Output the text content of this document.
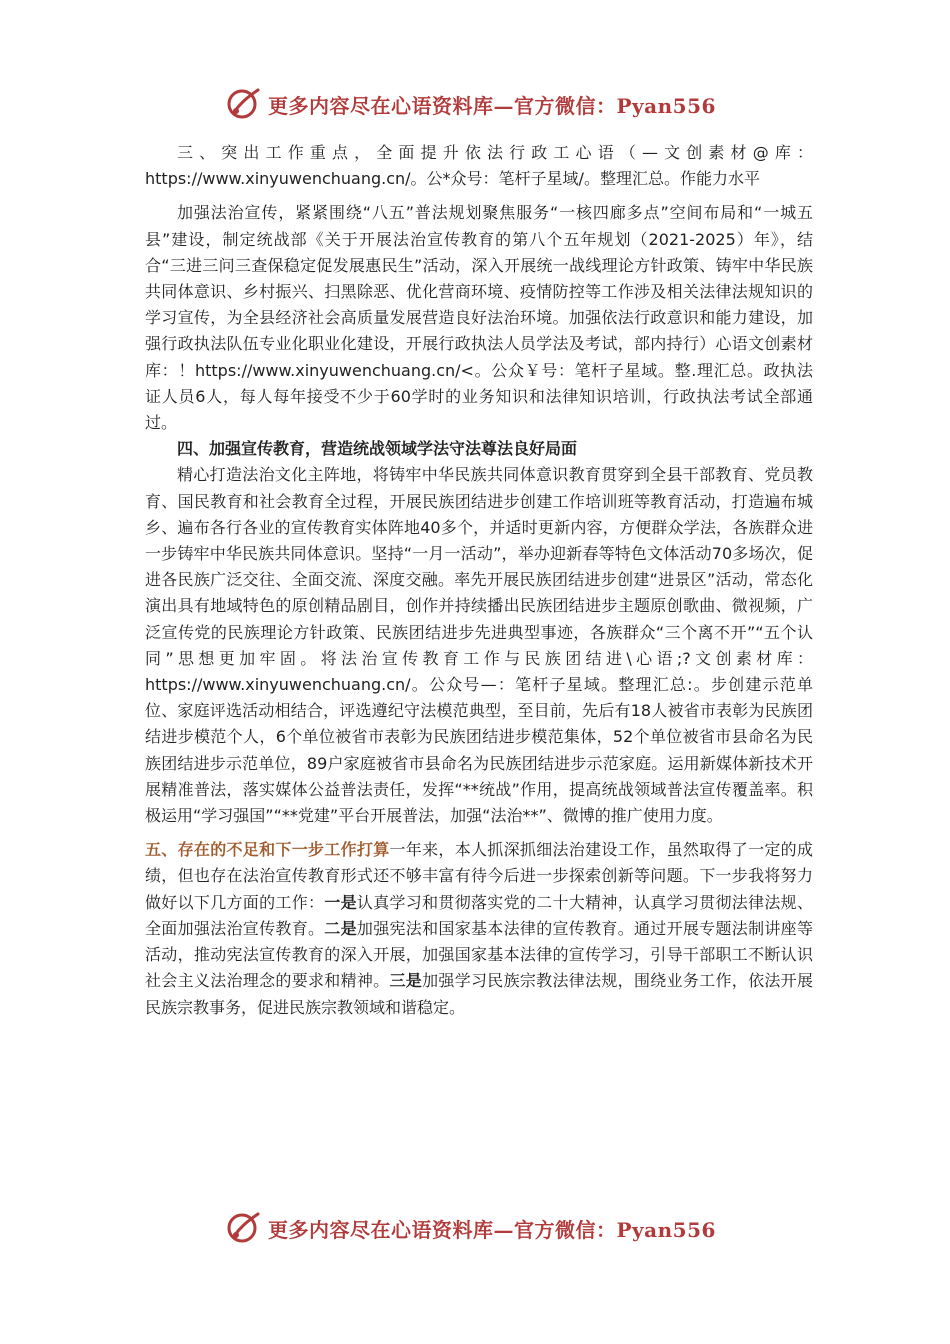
更多内容尽在心语资料库—官方微信：Pyan556

三、突出工作重点，全面提升依法行政工心语（—文创素材@库：https://www.xinyuwenchuang.cn/。公*众号：笔杆子星域/。整理汇总。作能力水平

加强法治宣传，紧紧围绕“八五”普法规划聚焦服务“一核四廊多点”空间布局和“一城五县”建设，制定统战部《关于开展法治宣传教育的第八个五年规划（2021-2025）年》，结合“三进三问三查保稳定促发展惠民生”活动，深入开展统一战线理论方针政策、铸牢中华民族共同体意识、乡村振兴、扫黑除恶、优化营商环境、疫情防控等工作涉及相关法律法规知识的学习宣传，为全县经济社会高质量发展营造良好法治环境。加强依法行政意识和能力建设，加强行政执法队伍专业化职业化建设，开展行政执法人员学法及考试，部内持行）心语文创素材库：！https://www.xinyuwenchuang.cn/<。公众￥号：笔杆子星域。整.理汇总。政执法证人员6人，每人每年接受不少于60学时的业务知识和法律知识培训，行政执法考试全部通过。

四、加强宣传教育，营造统战领域学法守法尊法良好局面

精心打造法治文化主阵地，将铸牢中华民族共同体意识教育贯穿到全县干部教育、党员教育、国民教育和社会教育全过程，开展民族团结进步创建工作培训班等教育活动，打造遍布城乡、遍布各行各业的宣传教育实体阵地40多个，并适时更新内容，方便群众学法，各族群众进一步铸牢中华民族共同体意识。坚持“一月一活动”，举办迎新春等特色文体活动70多场次，促进各民族广泛交往、全面交流、深度交融。率先开展民族团结进步创建“进景区”活动，常态化演出具有地域特色的原创精品剧目，创作并持续播出民族团结进步主题原创歌曲、微视频，广泛宣传党的民族理论方针政策、民族团结进步先进典型事迹，各族群众“三个离不开”“五个认同”思想更加牢固。将法治宣传教育工作与民族团结进\心语;?文创素材库：https://www.xinyuwenchuang.cn/。公众号—：笔杆子星域。整理汇总:。步创建示范单位、家庭评选活动相结合，评选遵纪守法模范典型，至目前，先后有18人被省市表彰为民族团结进步模范个人，6个单位被省市表彰为民族团结进步模范集体，52个单位被省市县命名为民族团结进步示范单位，89户家庭被省市县命名为民族团结进步示范家庭。运用新媒体新技术开展精准普法，落实媒体公益普法责任，发挥“**统战”作用，提高统战领域普法宣传覆盖率。积极运用“学习强国”“**党建”平台开展普法，加强“法治**”、微博的推广使用力度。

五、存在的不足和下一步工作打算一年来，本人抓深抓细法治建设工作，虽然取得了一定的成绩，但也存在法治宣传教育形式还不够丰富有待今后进一步探索创新等问题。下一步我将努力做好以下几方面的工作：一是认真学习和贯彻落实党的二十大精神，认真学习贯彻法律法规、全面加强法治宣传教育。二是加强宪法和国家基本法律的宣传教育。通过开展专题法制讲座等活动，推动宪法宣传教育的深入开展，加强国家基本法律的宣传学习，引导干部职工不断认识社会主义法治理念的要求和精神。三是加强学习民族宗教法律法规，围绕业务工作，依法开展民族宗教事务，促进民族宗教领域和谐稳定。

更多内容尽在心语资料库—官方微信：Pyan556
